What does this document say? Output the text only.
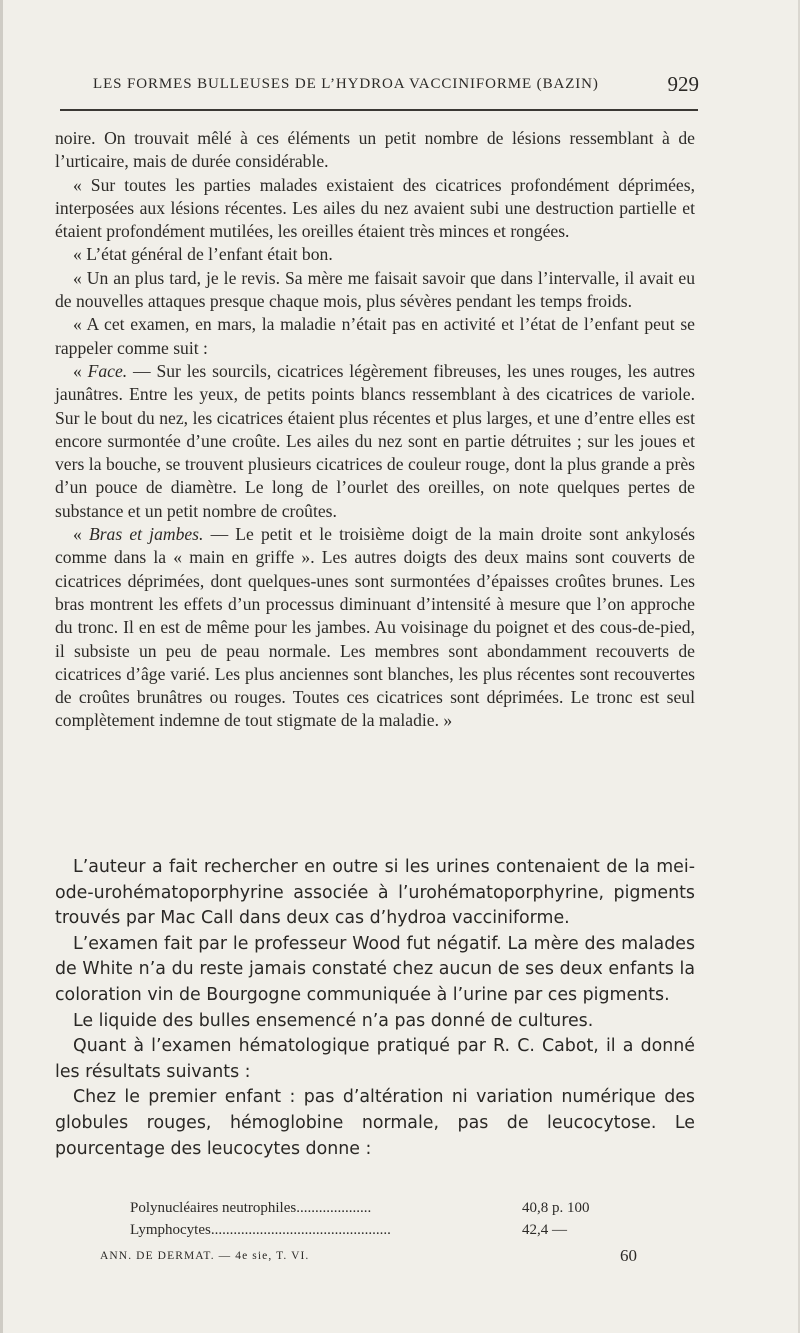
LES FORMES BULLEUSES DE L’HYDROA VACCINIFORME (BAZIN)	929

noire. On trouvait mêlé à ces éléments un petit nombre de lésions ressemblant à de l’urticaire, mais de durée considérable.

« Sur toutes les parties malades existaient des cicatrices profondément déprimées, interposées aux lésions récentes. Les ailes du nez avaient subi une destruction partielle et étaient profondément mutilées, les oreilles étaient très minces et rongées.

« L’état général de l’enfant était bon.

« Un an plus tard, je le revis. Sa mère me faisait savoir que dans l’intervalle, il avait eu de nouvelles attaques presque chaque mois, plus sévères pendant les temps froids.

« A cet examen, en mars, la maladie n’était pas en activité et l’état de l’enfant peut se rappeler comme suit :

« Face. — Sur les sourcils, cicatrices légèrement fibreuses, les unes rouges, les autres jaunâtres. Entre les yeux, de petits points blancs ressemblant à des cicatrices de variole. Sur le bout du nez, les cicatrices étaient plus récentes et plus larges, et une d’entre elles est encore surmontée d’une croûte. Les ailes du nez sont en partie détruites ; sur les joues et vers la bouche, se trouvent plusieurs cicatrices de couleur rouge, dont la plus grande a près d’un pouce de diamètre. Le long de l’ourlet des oreilles, on note quelques pertes de substance et un petit nombre de croûtes.

« Bras et jambes. — Le petit et le troisième doigt de la main droite sont ankylosés comme dans la « main en griffe ». Les autres doigts des deux mains sont couverts de cicatrices déprimées, dont quelques-unes sont surmontées d’épaisses croûtes brunes. Les bras montrent les effets d’un processus diminuant d’intensité à mesure que l’on approche du tronc. Il en est de même pour les jambes. Au voisinage du poignet et des cous-de-pied, il subsiste un peu de peau normale. Les membres sont abondamment recouverts de cicatrices d’âge varié. Les plus anciennes sont blanches, les plus récentes sont recouvertes de croûtes brunâtres ou rouges. Toutes ces cicatrices sont déprimées. Le tronc est seul complètement indemne de tout stigmate de la maladie. »

L’auteur a fait rechercher en outre si les urines contenaient de la mei-ode-urohématoporphyrine associée à l’urohématoporphyrine, pigments trouvés par Mac Call dans deux cas d’hydroa vacciniforme.

L’examen fait par le professeur Wood fut négatif. La mère des malades de White n’a du reste jamais constaté chez aucun de ses deux enfants la coloration vin de Bourgogne communiquée à l’urine par ces pigments.

Le liquide des bulles ensemencé n’a pas donné de cultures.

Quant à l’examen hématologique pratiqué par R. C. Cabot, il a donné les résultats suivants :

Chez le premier enfant : pas d’altération ni variation numérique des globules rouges, hémoglobine normale, pas de leucocytose. Le pourcentage des leucocytes donne :

Polynucléaires neutrophiles....................	40,8 p. 100
Lymphocytes................................................	42,4 —
ANN. DE DERMAT. — 4e sie, T. VI.	60
